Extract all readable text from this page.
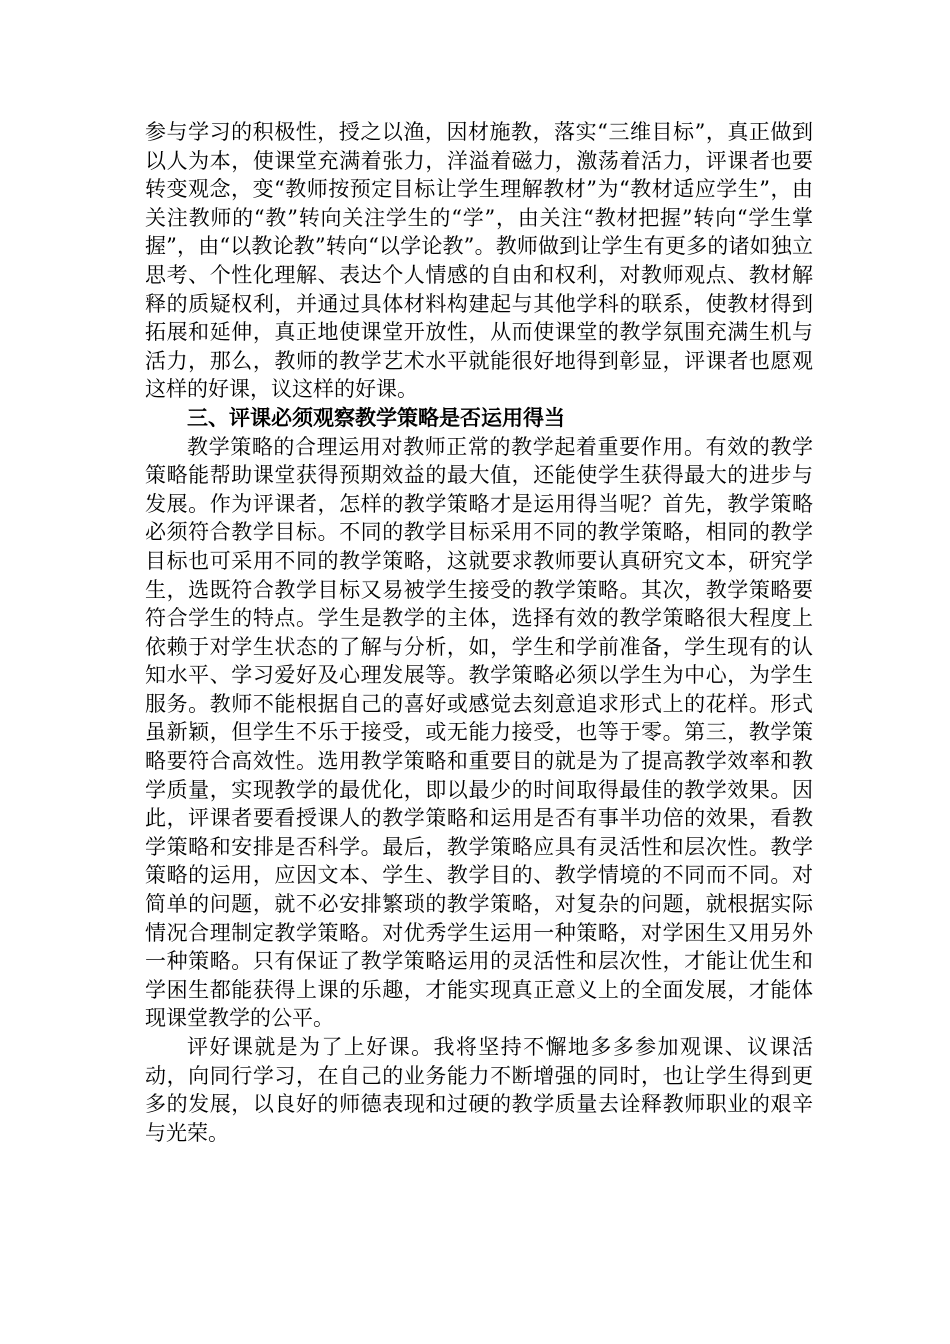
参与学习的积极性，授之以渔，因材施教，落实“三维目标”，真正做到以人为本，使课堂充满着张力，洋溢着磁力，激荡着活力，评课者也要转变观念，变“教师按预定目标让学生理解教材”为“教材适应学生”，由关注教师的“教”转向关注学生的“学”，由关注“教材把握”转向“学生掌握”，由“以教论教”转向“以学论教”。教师做到让学生有更多的诸如独立思考、个性化理解、表达个人情感的自由和权利，对教师观点、教材解释的质疑权利，并通过具体材料构建起与其他学科的联系，使教材得到拓展和延伸，真正地使课堂开放性，从而使课堂的教学氛围充满生机与活力，那么，教师的教学艺术水平就能很好地得到彰显，评课者也愿观这样的好课，议这样的好课。

三、评课必须观察教学策略是否运用得当

教学策略的合理运用对教师正常的教学起着重要作用。有效的教学策略能帮助课堂获得预期效益的最大值，还能使学生获得最大的进步与发展。作为评课者，怎样的教学策略才是运用得当呢？首先，教学策略必须符合教学目标。不同的教学目标采用不同的教学策略，相同的教学目标也可采用不同的教学策略，这就要求教师要认真研究文本，研究学生，选既符合教学目标又易被学生接受的教学策略。其次，教学策略要符合学生的特点。学生是教学的主体，选择有效的教学策略很大程度上依赖于对学生状态的了解与分析，如，学生和学前准备，学生现有的认知水平、学习爱好及心理发展等。教学策略必须以学生为中心，为学生服务。教师不能根据自己的喜好或感觉去刻意追求形式上的花样。形式虽新颖，但学生不乐于接受，或无能力接受，也等于零。第三，教学策略要符合高效性。选用教学策略和重要目的就是为了提高教学效率和教学质量，实现教学的最优化，即以最少的时间取得最佳的教学效果。因此，评课者要看授课人的教学策略和运用是否有事半功倍的效果，看教学策略和安排是否科学。最后，教学策略应具有灵活性和层次性。教学策略的运用，应因文本、学生、教学目的、教学情境的不同而不同。对简单的问题，就不必安排繁琐的教学策略，对复杂的问题，就根据实际情况合理制定教学策略。对优秀学生运用一种策略，对学困生又用另外一种策略。只有保证了教学策略运用的灵活性和层次性，才能让优生和学困生都能获得上课的乐趣，才能实现真正意义上的全面发展，才能体现课堂教学的公平。

评好课就是为了上好课。我将坚持不懈地多多参加观课、议课活动，向同行学习，在自己的业务能力不断增强的同时，也让学生得到更多的发展，以良好的师德表现和过硬的教学质量去诠释教师职业的艰辛与光荣。
